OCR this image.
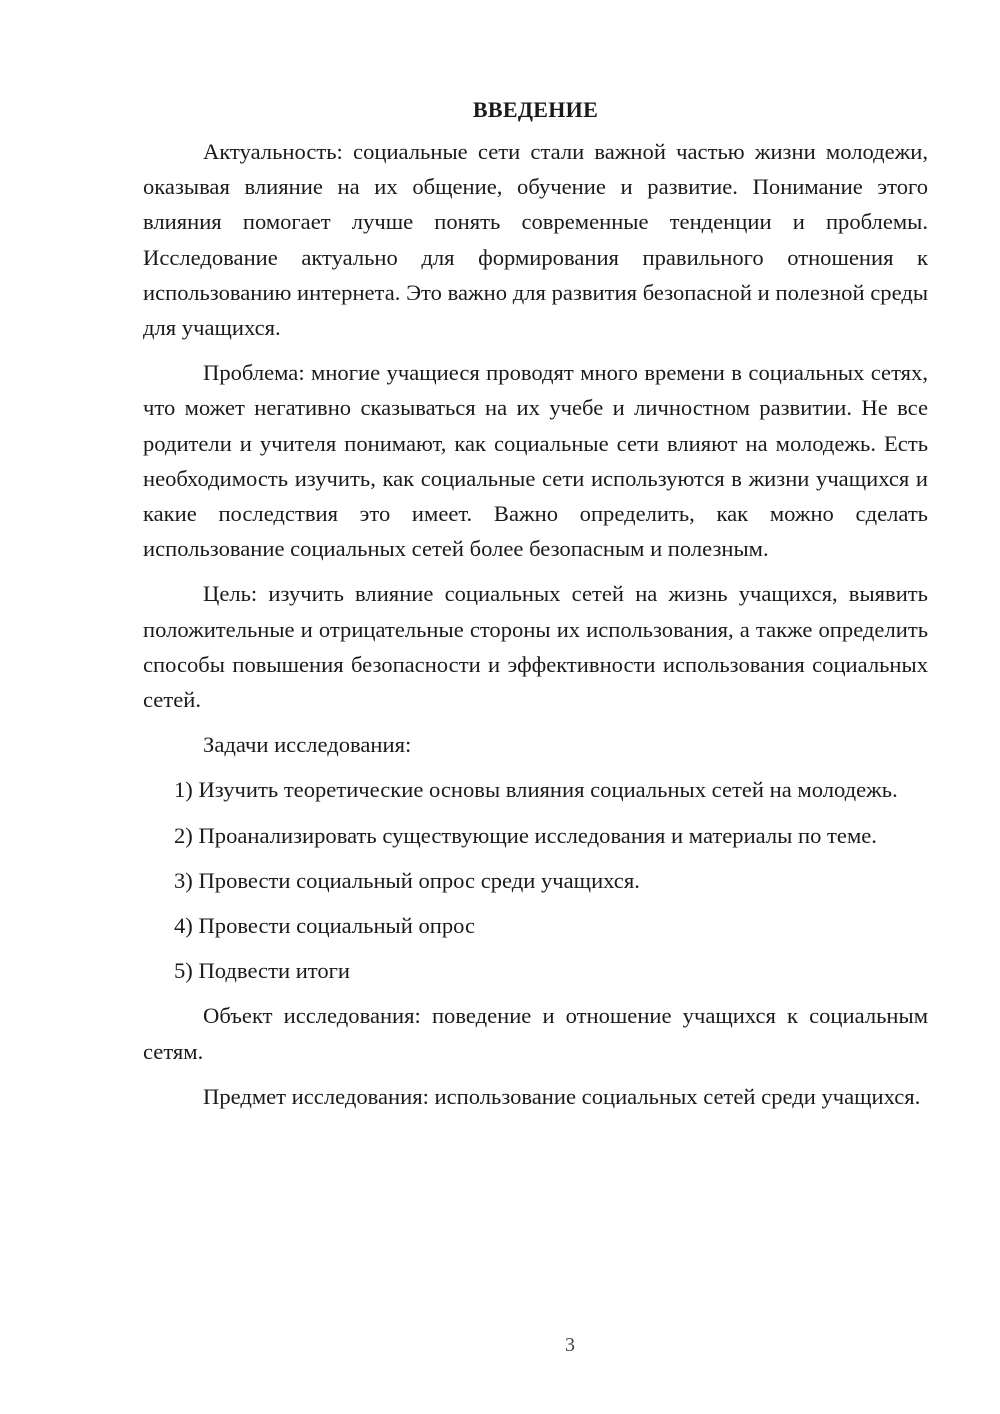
ВВЕДЕНИЕ

Актуальность: социальные сети стали важной частью жизни молодежи, оказывая влияние на их общение, обучение и развитие. Понимание этого влияния помогает лучше понять современные тенденции и проблемы. Исследование актуально для формирования правильного отношения к использованию интернета. Это важно для развития безопасной и полезной среды для учащихся.

Проблема: многие учащиеся проводят много времени в социальных сетях, что может негативно сказываться на их учебе и личностном развитии. Не все родители и учителя понимают, как социальные сети влияют на молодежь. Есть необходимость изучить, как социальные сети используются в жизни учащихся и какие последствия это имеет. Важно определить, как можно сделать использование социальных сетей более безопасным и полезным.

Цель: изучить влияние социальных сетей на жизнь учащихся, выявить положительные и отрицательные стороны их использования, а также определить способы повышения безопасности и эффективности использования социальных сетей.

Задачи исследования:

1) Изучить теоретические основы влияния социальных сетей на молодежь.

2) Проанализировать существующие исследования и материалы по теме.

3) Провести социальный опрос среди учащихся.

4) Провести социальный опрос

5) Подвести итоги

Объект исследования: поведение и отношение учащихся к социальным сетям.

Предмет исследования: использование социальных сетей среди учащихся.

3
